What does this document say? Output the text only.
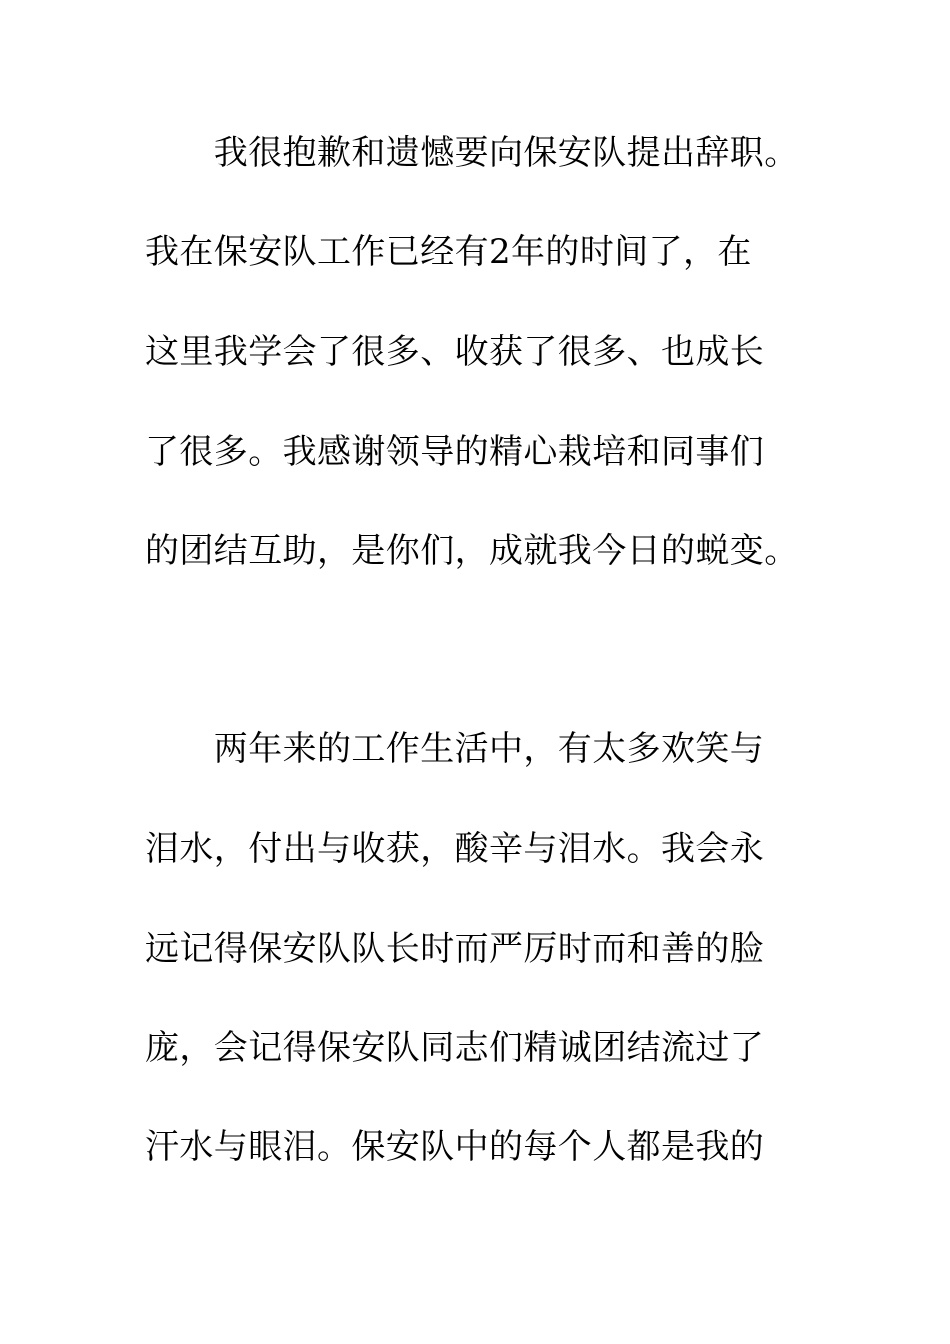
　　我很抱歉和遗憾要向保安队提出辞职。
我在保安队工作已经有2年的时间了，在
这里我学会了很多、收获了很多、也成长
了很多。我感谢领导的精心栽培和同事们
的团结互助，是你们，成就我今日的蜕变。
　　两年来的工作生活中，有太多欢笑与
泪水，付出与收获，酸辛与泪水。我会永
远记得保安队队长时而严厉时而和善的脸
庞，会记得保安队同志们精诚团结流过了
汗水与眼泪。保安队中的每个人都是我的
